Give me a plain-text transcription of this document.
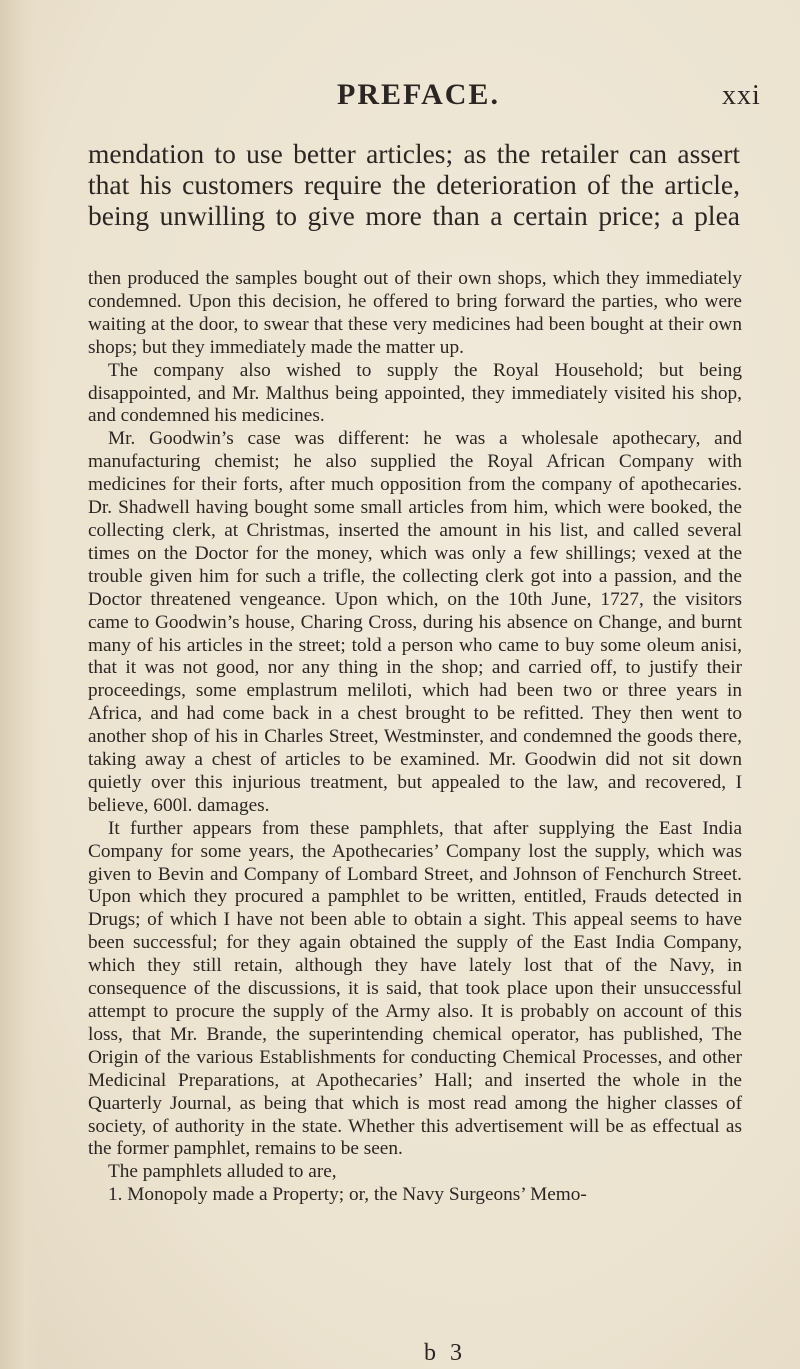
PREFACE.	xxi

mendation to use better articles; as the retailer can assert that his customers require the deterioration of the article, being unwilling to give more than a certain price; a plea

then produced the samples bought out of their own shops, which they immediately condemned. Upon this decision, he offered to bring forward the parties, who were waiting at the door, to swear that these very medicines had been bought at their own shops; but they immediately made the matter up.

The company also wished to supply the Royal Household; but being disappointed, and Mr. Malthus being appointed, they immediately visited his shop, and condemned his medicines.

Mr. Goodwin’s case was different: he was a wholesale apothecary, and manufacturing chemist; he also supplied the Royal African Company with medicines for their forts, after much opposition from the company of apothecaries. Dr. Shadwell having bought some small articles from him, which were booked, the collecting clerk, at Christmas, inserted the amount in his list, and called several times on the Doctor for the money, which was only a few shillings; vexed at the trouble given him for such a trifle, the collecting clerk got into a passion, and the Doctor threatened vengeance. Upon which, on the 10th June, 1727, the visitors came to Goodwin’s house, Charing Cross, during his absence on Change, and burnt many of his articles in the street; told a person who came to buy some oleum anisi, that it was not good, nor any thing in the shop; and carried off, to justify their proceedings, some emplastrum meliloti, which had been two or three years in Africa, and had come back in a chest brought to be refitted. They then went to another shop of his in Charles Street, Westminster, and condemned the goods there, taking away a chest of articles to be examined. Mr. Goodwin did not sit down quietly over this injurious treatment, but appealed to the law, and recovered, I believe, 600l. damages.

It further appears from these pamphlets, that after supplying the East India Company for some years, the Apothecaries’ Company lost the supply, which was given to Bevin and Company of Lombard Street, and Johnson of Fenchurch Street. Upon which they procured a pamphlet to be written, entitled, Frauds detected in Drugs; of which I have not been able to obtain a sight. This appeal seems to have been successful; for they again obtained the supply of the East India Company, which they still retain, although they have lately lost that of the Navy, in consequence of the discussions, it is said, that took place upon their unsuccessful attempt to procure the supply of the Army also. It is probably on account of this loss, that Mr. Brande, the superintending chemical operator, has published, The Origin of the various Establishments for conducting Chemical Processes, and other Medicinal Preparations, at Apothecaries’ Hall; and inserted the whole in the Quarterly Journal, as being that which is most read among the higher classes of society, of authority in the state. Whether this advertisement will be as effectual as the former pamphlet, remains to be seen.

The pamphlets alluded to are,

1. Monopoly made a Property; or, the Navy Surgeons’ Memo-

b 3
